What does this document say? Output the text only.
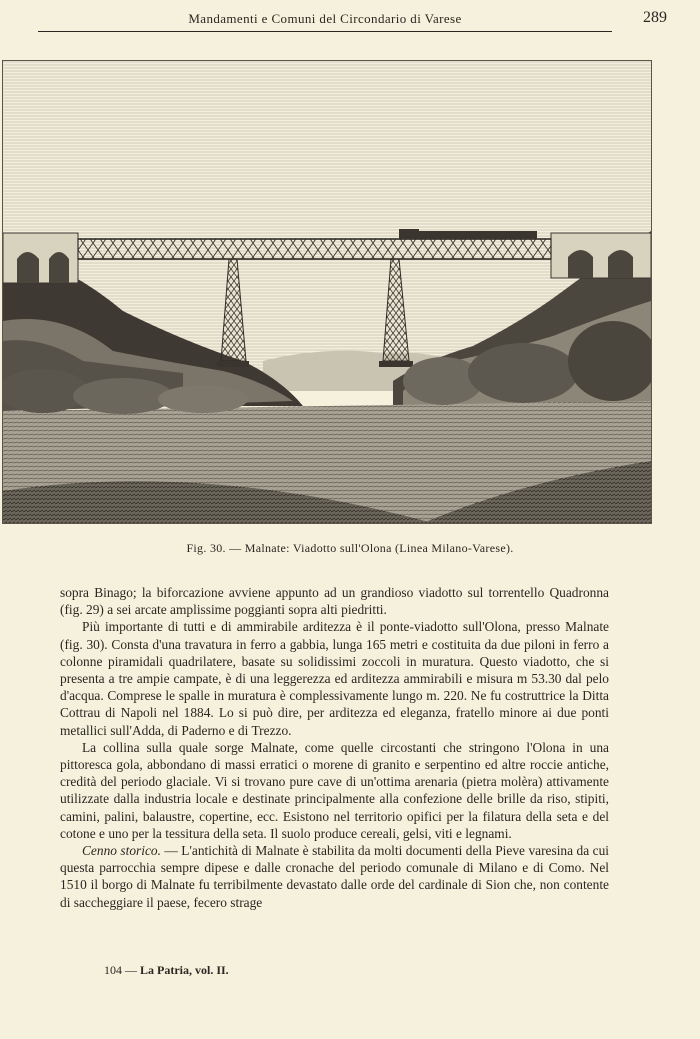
Mandamenti e Comuni del Circondario di Varese	289
Fig. 30. — Malnate: Viadotto sull'Olona (Linea Milano-Varese).

sopra Binago; la biforcazione avviene appunto ad un grandioso viadotto sul torrentello Quadronna (fig. 29) a sei arcate amplissime poggianti sopra alti piedritti.

Più importante di tutti e di ammirabile arditezza è il ponte-viadotto sull'Olona, presso Malnate (fig. 30). Consta d'una travatura in ferro a gabbia, lunga 165 metri e costituita da due piloni in ferro a colonne piramidali quadrilatere, basate su solidissimi zoccoli in muratura. Questo viadotto, che si presenta a tre ampie campate, è di una leggerezza ed arditezza ammirabili e misura m 53.30 dal pelo d'acqua. Comprese le spalle in muratura è complessivamente lungo m. 220. Ne fu costruttrice la Ditta Cottrau di Napoli nel 1884. Lo si può dire, per arditezza ed eleganza, fratello minore ai due ponti metallici sull'Adda, di Paderno e di Trezzo.

La collina sulla quale sorge Malnate, come quelle circostanti che stringono l'Olona in una pittoresca gola, abbondano di massi erratici o morene di granito e serpentino ed altre roccie antiche, credità del periodo glaciale. Vi si trovano pure cave di un'ottima arenaria (pietra molèra) attivamente utilizzate dalla industria locale e destinate principalmente alla confezione delle brille da riso, stipiti, camini, palini, balaustre, copertine, ecc. Esistono nel territorio opifici per la filatura della seta e del cotone e uno per la tessitura della seta. Il suolo produce cereali, gelsi, viti e legnami.

Cenno storico. — L'antichità di Malnate è stabilita da molti documenti della Pieve varesina da cui questa parrocchia sempre dipese e dalle cronache del periodo comunale di Milano e di Como. Nel 1510 il borgo di Malnate fu terribilmente devastato dalle orde del cardinale di Sion che, non contente di saccheggiare il paese, fecero strage

104 — La Patria, vol. II.
